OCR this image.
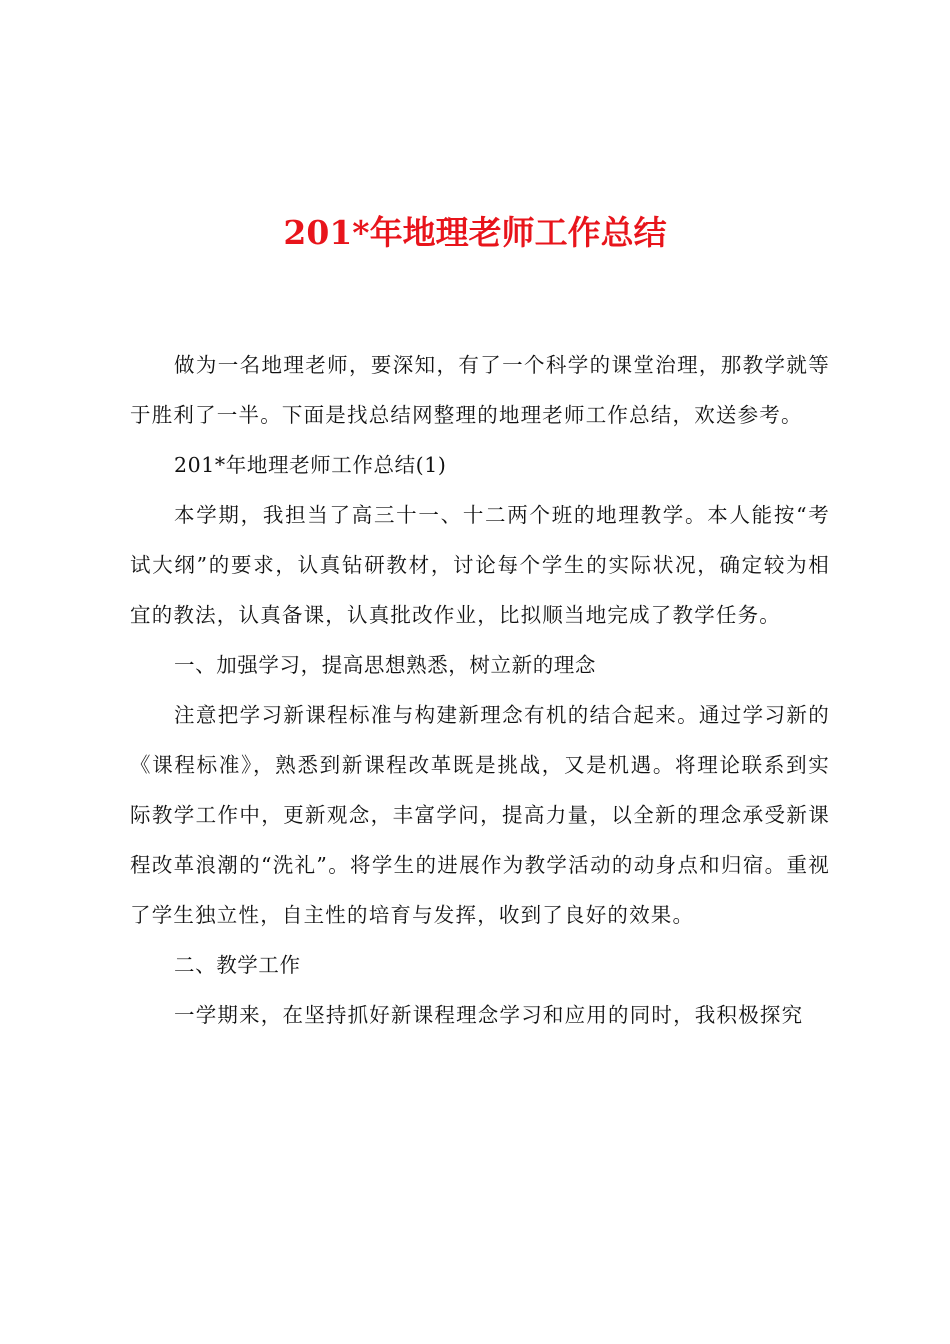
201*年地理老师工作总结

做为一名地理老师，要深知，有了一个科学的课堂治理，那教学就等于胜利了一半。下面是找总结网整理的地理老师工作总结，欢送参考。

201*年地理老师工作总结(1)

本学期，我担当了高三十一、十二两个班的地理教学。本人能按“考试大纲”的要求，认真钻研教材，讨论每个学生的实际状况，确定较为相宜的教法，认真备课，认真批改作业，比拟顺当地完成了教学任务。

一、加强学习，提高思想熟悉，树立新的理念

注意把学习新课程标准与构建新理念有机的结合起来。通过学习新的《课程标准》，熟悉到新课程改革既是挑战，又是机遇。将理论联系到实际教学工作中，更新观念，丰富学问，提高力量，以全新的理念承受新课程改革浪潮的“洗礼”。将学生的进展作为教学活动的动身点和归宿。重视了学生独立性，自主性的培育与发挥，收到了良好的效果。

二、教学工作

一学期来，在坚持抓好新课程理念学习和应用的同时，我积极探究
